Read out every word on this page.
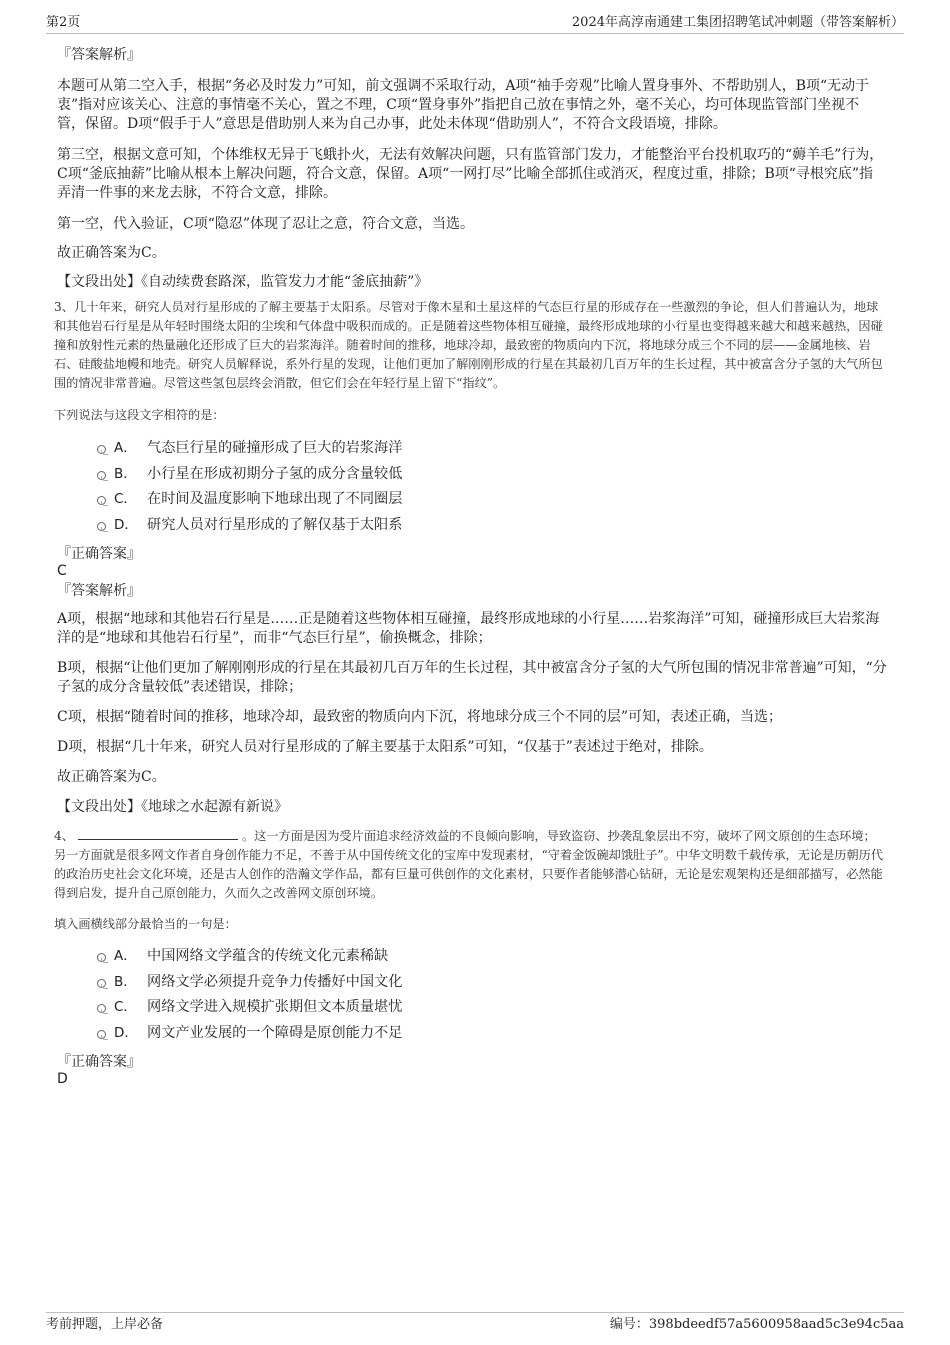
第2页	2024年高淳南通建工集团招聘笔试冲刺题（带答案解析）

『答案解析』

本题可从第二空入手，根据“务必及时发力”可知，前文强调不采取行动，A项“袖手旁观”比喻人置身事外、不帮助别人，B项“无动于衷”指对应该关心、注意的事情毫不关心，置之不理，C项“置身事外”指把自己放在事情之外，毫不关心，均可体现监管部门坐视不管，保留。D项“假手于人”意思是借助别人来为自己办事，此处未体现“借助别人”，不符合文段语境，排除。

第三空，根据文意可知，个体维权无异于飞蛾扑火，无法有效解决问题，只有监管部门发力，才能整治平台投机取巧的“薅羊毛”行为，C项“釜底抽薪”比喻从根本上解决问题，符合文意，保留。A项“一网打尽”比喻全部抓住或消灭，程度过重，排除；B项“寻根究底”指弄清一件事的来龙去脉，不符合文意，排除。

第一空，代入验证，C项“隐忍”体现了忍让之意，符合文意，当选。

故正确答案为C。

【文段出处】《自动续费套路深，监管发力才能“釜底抽薪”》

3、几十年来，研究人员对行星形成的了解主要基于太阳系。尽管对于像木星和土星这样的气态巨行星的形成存在一些激烈的争论，但人们普遍认为，地球和其他岩石行星是从年轻时围绕太阳的尘埃和气体盘中吸积而成的。正是随着这些物体相互碰撞，最终形成地球的小行星也变得越来越大和越来越热，因碰撞和放射性元素的热量融化还形成了巨大的岩浆海洋。随着时间的推移，地球冷却，最致密的物质向内下沉，将地球分成三个不同的层——金属地核、岩石、硅酸盐地幔和地壳。研究人员解释说，系外行星的发现，让他们更加了解刚刚形成的行星在其最初几百万年的生长过程，其中被富含分子氢的大气所包围的情况非常普遍。尽管这些氢包层终会消散，但它们会在年轻行星上留下“指纹”。

下列说法与这段文字相符的是：

A． 气态巨行星的碰撞形成了巨大的岩浆海洋
B． 小行星在形成初期分子氢的成分含量较低
C． 在时间及温度影响下地球出现了不同圈层
D． 研究人员对行星形成的了解仅基于太阳系

『正确答案』

C

『答案解析』

A项，根据“地球和其他岩石行星是……正是随着这些物体相互碰撞，最终形成地球的小行星……岩浆海洋”可知，碰撞形成巨大岩浆海洋的是“地球和其他岩石行星”，而非“气态巨行星”，偷换概念，排除；

B项，根据“让他们更加了解刚刚形成的行星在其最初几百万年的生长过程，其中被富含分子氢的大气所包围的情况非常普遍”可知，“分子氢的成分含量较低”表述错误，排除；

C项，根据“随着时间的推移，地球冷却，最致密的物质向内下沉，将地球分成三个不同的层”可知，表述正确，当选；

D项，根据“几十年来，研究人员对行星形成的了解主要基于太阳系”可知，“仅基于”表述过于绝对，排除。

故正确答案为C。

【文段出处】《地球之水起源有新说》

4、	。这一方面是因为受片面追求经济效益的不良倾向影响，导致盗窃、抄袭乱象层出不穷，破坏了网文原创的生态环境；另一方面就是很多网文作者自身创作能力不足，不善于从中国传统文化的宝库中发现素材，“守着金饭碗却饿肚子”。中华文明数千载传承，无论是历朝历代的政治历史社会文化环境，还是古人创作的浩瀚文学作品，都有巨量可供创作的文化素材，只要作者能够潜心钻研，无论是宏观架构还是细部描写，必然能得到启发，提升自己原创能力，久而久之改善网文原创环境。

填入画横线部分最恰当的一句是：

A． 中国网络文学蕴含的传统文化元素稀缺
B． 网络文学必须提升竞争力传播好中国文化
C． 网络文学进入规模扩张期但文本质量堪忧
D． 网文产业发展的一个障碍是原创能力不足

『正确答案』

D

考前押题，上岸必备	编号：398bdeedf57a5600958aad5c3e94c5aa
